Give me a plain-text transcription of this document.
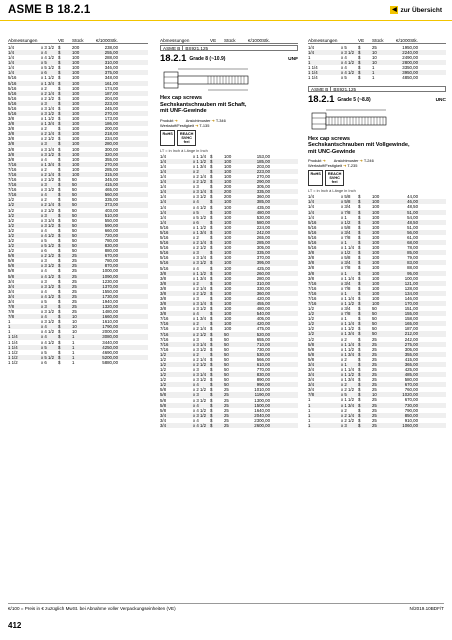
ASME B 18.2.1	◀ zur Übersicht
Abmessungen	VE	Stück	€/1000Stk.
1/4	x 3 1/2 $	200	238,00
1/4	x 4	$	100	255,00
1/4	x 4 1/2 $	100	288,00
1/4	x 5	$	100	310,00
1/4	x 5 1/2 $	100	346,00
1/4	x 6	$	100	375,00
5/16	x 1 1/2 $	100	348,00
5/16	x 1 3/4 $	100	161,00
5/16	x 2	$	100	174,00
5/16	x 2 1/4 $	100	187,00
5/16	x 2 1/2 $	100	204,00
5/16	x 3	$	100	223,00
5/16	x 3 1/4 $	100	245,00
5/16	x 3 1/2 $	100	270,00
3/8	x 1 1/2 $	100	173,00
3/8	x 1 3/4 $	100	186,00
3/8	x 2	$	100	200,00
3/8	x 2 1/4 $	100	218,00
3/8	x 2 1/2 $	100	234,00
3/8	x 3	$	100	280,00
3/8	x 3 1/4 $	100	300,00
3/8	x 3 1/2 $	100	320,00
3/8	x 4	$	100	355,00
7/16	x 1 3/4 $	100	270,00
7/16	x 2	$	100	285,00
7/16	x 2 1/4 $	100	315,00
7/16	x 2 1/2 $	50	345,00
7/16	x 3	$	50	415,00
7/16	x 3 1/2 $	50	465,00
7/16	x 4	$	50	560,00
1/2	x 2	$	50	335,00
1/2	x 2 1/4 $	50	373,00
1/2	x 2 1/2 $	50	403,00
1/2	x 3	$	50	510,00
1/2	x 3 1/4 $	50	550,00
1/2	x 3 1/2 $	50	590,00
1/2	x 4	$	50	660,00
1/2	x 4 1/2 $	50	720,00
1/2	x 5	$	50	780,00
1/2	x 5 1/2 $	50	830,00
1/2	x 6	$	50	880,00
5/8	x 2 1/2 $	25	670,00
5/8	x 3	$	25	780,00
5/8	x 3 1/2 $	25	870,00
5/8	x 4	$	25	1000,00
5/8	x 4 1/2 $	25	1090,00
3/4	x 3	$	25	1230,00
3/4	x 3 1/2 $	25	1370,00
3/4	x 4	$	25	1550,00
3/4	x 4 1/2 $	25	1730,00
3/4	x 5	$	25	1940,00
7/8	x 3	$	25	1320,00
7/8	x 3 1/2 $	25	1480,00
7/8	x 4	$	10	1660,00
1	x 3 1/2 $	10	1610,00
1	x 4	$	10	1790,00
1	x 4 1/2 $	10	2000,00
1 1/4	x 4	$	1	3080,00
1 1/4	x 4 1/2 $	1	3440,00
1 1/4	x 5	$	1	4250,00
1 1/2	x 5	$	1	4690,00
1 1/2	x 5 1/2 $	1	5200,00
1 1/2	x 6	$	1	5880,00
Abmessungen	VE	Stück	€/1000Stk.
ASME B	BS921.125
18.2.1 Grade 8 (~10.9)	UNF
Hex cap screws
Sechskantschrauben mit Schaft,
mit UNF-Gewinde
Produkt ➜ Ansichtmuster ➜ T-346
Werkstoff/Festigkeit ➜ T-135
RoHS	REACH
SVHC
frei
LT = in Inch à Länge in Inch
1/4	x 1 1/4 $	100	153,00
1/4	x 1 1/2 $	100	185,00
1/4	x 1 3/4 $	100	203,00
1/4	x 2	$	100	223,00
1/4	x 2 1/4 $	100	270,00
1/4	x 2 1/2 $	100	290,00
1/4	x 3	$	200	305,00
1/4	x 3 1/4 $	200	335,00
1/4	x 3 1/2 $	200	360,00
1/4	x 4	$	100	385,00
1/4	x 4 1/2 $	100	435,00
1/4	x 5	$	100	480,00
1/4	x 5 1/2 $	100	530,00
1/4	x 6	$	100	580,00
5/16	x 1 1/2 $	100	224,00
5/16	x 1 3/4 $	100	242,00
5/16	x 2	$	100	265,00
5/16	x 2 1/4 $	100	285,00
5/16	x 2 1/2 $	100	305,00
5/16	x 3	$	100	335,00
5/16	x 3 1/4 $	100	370,00
5/16	x 3 1/2 $	100	395,00
5/16	x 4	$	100	425,00
3/8	x 1 1/2 $	100	260,00
3/8	x 1 3/4 $	100	280,00
3/8	x 2	$	100	310,00
3/8	x 2 1/4 $	100	330,00
3/8	x 2 1/2 $	100	360,00
3/8	x 3	$	100	420,00
3/8	x 3 1/4 $	100	455,00
3/8	x 3 1/2 $	100	480,00
3/8	x 4	$	100	540,00
7/16	x 1 3/4 $	100	405,00
7/16	x 2	$	100	420,00
7/16	x 2 1/4 $	100	475,00
7/16	x 2 1/2 $	50	520,00
7/16	x 3	$	50	655,00
7/16	x 3 1/4 $	50	710,00
7/16	x 3 1/2 $	50	730,00
1/2	x 2	$	50	530,00
1/2	x 2 1/4 $	50	566,00
1/2	x 2 1/2 $	50	610,00
1/2	x 3	$	50	770,00
1/2	x 3 1/4 $	50	830,00
1/2	x 3 1/2 $	50	890,00
1/2	x 4	$	50	990,00
5/8	x 2 1/2 $	25	1010,00
5/8	x 3	$	25	1190,00
5/8	x 3 1/2 $	25	1300,00
5/8	x 4	$	25	1500,00
5/8	x 4 1/2 $	25	1640,00
3/4	x 3 1/2 $	25	2040,00
3/4	x 4	$	25	2300,00
3/4	x 4 1/2 $	25	2600,00
Abmessungen	VE	Stück	€/1000Stk.
1/4	x 5	$	25	1950,00
1/4	x 3 1/2 $	10	2240,00
1	x 4	$	10	2490,00
1	x 4 1/2 $	10	2800,00
1 1/4	x 4	$	1	3350,00
1 1/4	x 4 1/2 $	1	3950,00
1 1/4	x 5	$	1	4850,00
ASME B	BS921.125
18.2.1 Grade 5 (~8.8)	UNC
Hex cap screws
Sechskantschrauben mit Vollgewinde,
mit UNC-Gewinde
Produkt ➜ Ansichtmuster ➜ T-246
Werkstoff/Festigkeit ➜ T-235
RoHS	REACH
SVHC
frei
LT = in Inch à Länge in Inch
1/4	x 5/8	$	100	44,00
1/4	x 5/8	$	100	46,00
1/4	x 3/4	$	100	48,50
1/4	x 7/8	$	100	51,00
1/4	x 1	$	100	54,00
5/16	x 1/2	$	100	48,50
5/16	x 5/8	$	100	51,00
5/16	x 3/4	$	100	56,00
5/16	x 7/8	$	100	61,00
5/16	x 1	$	100	68,00
5/16	x 1 1/4 $	100	78,00
3/8	x 1/2	$	100	85,00
3/8	x 5/8	$	100	79,00
3/8	x 3/4	$	100	83,00
3/8	x 7/8	$	100	88,00
3/8	x 1	$	100	95,00
3/8	x 1 1/4 $	100	100,00
7/16	x 3/4	$	100	121,00
7/16	x 7/8	$	100	128,00
7/16	x 1	$	100	134,00
7/16	x 1 1/4 $	100	146,00
7/16	x 1 1/2 $	100	170,00
1/2	x 3/4	$	50	151,00
1/2	x 7/8	$	50	155,00
1/2	x 1	$	50	158,00
1/2	x 1 1/4 $	50	165,00
1/2	x 1 1/2 $	50	187,00
1/2	x 1 3/4 $	50	212,00
1/2	x 2	$	25	242,00
5/8	x 1 1/4 $	25	275,00
5/8	x 1 1/2 $	25	305,00
5/8	x 1 3/4 $	25	355,00
5/8	x 2	$	25	415,00
3/4	x 1	$	25	365,00
3/4	x 1 1/4 $	25	425,00
3/4	x 1 1/2 $	25	485,00
3/4	x 1 3/4 $	25	580,00
3/4	x 2	$	25	670,00
3/4	x 2 1/2 $	25	760,00
7/8	x 5	$	10	1020,00
1	x 1 1/2 $	25	670,00
1	x 1 3/4 $	25	730,00
1	x 2	$	25	790,00
1	x 2 1/4 $	25	850,00
1	x 2 1/2 $	25	910,00
1	x 3	$	25	1060,00
€/100 = Preis in € zuzüglich MwSt. bei Abnahme voller Verpackungseinheiten (VE)	N/2019.10BDF/T
412
